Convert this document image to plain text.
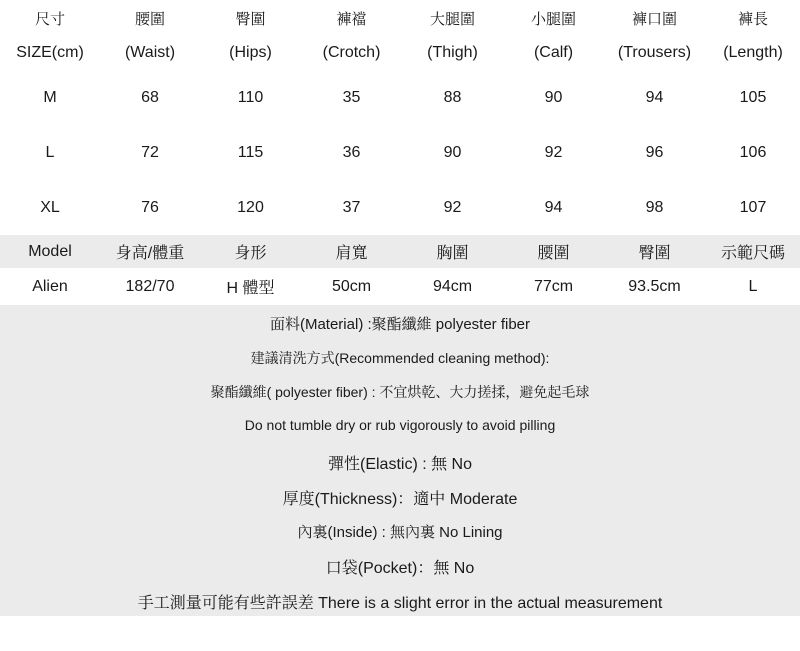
尺寸	腰圍	臀圍	褲襠	大腿圍	小腿圍	褲口圍	褲長
SIZE(cm)	(Waist)	(Hips)	(Crotch)	(Thigh)	(Calf)	(Trousers)	(Length)
M	68	110	35	88	90	94	105
L	72	115	36	90	92	96	106
XL	76	120	37	92	94	98	107
Model	身高/體重	身形	肩寬	胸圍	腰圍	臀圍	示範尺碼
Alien	182/70	H 體型	50cm	94cm	77cm	93.5cm	L
面料(Material) :聚酯纖維 polyester fiber
建議清洗方式(Recommended cleaning method):
聚酯纖維( polyester fiber) : 不宜烘乾、大力搓揉，避免起毛球
Do not tumble dry or rub vigorously to avoid pilling
彈性(Elastic) : 無 No
厚度(Thickness)：適中 Moderate
內裏(Inside) : 無內裏 No Lining
口袋(Pocket)：無 No
手工測量可能有些許誤差 There is a slight error in the actual measurement
